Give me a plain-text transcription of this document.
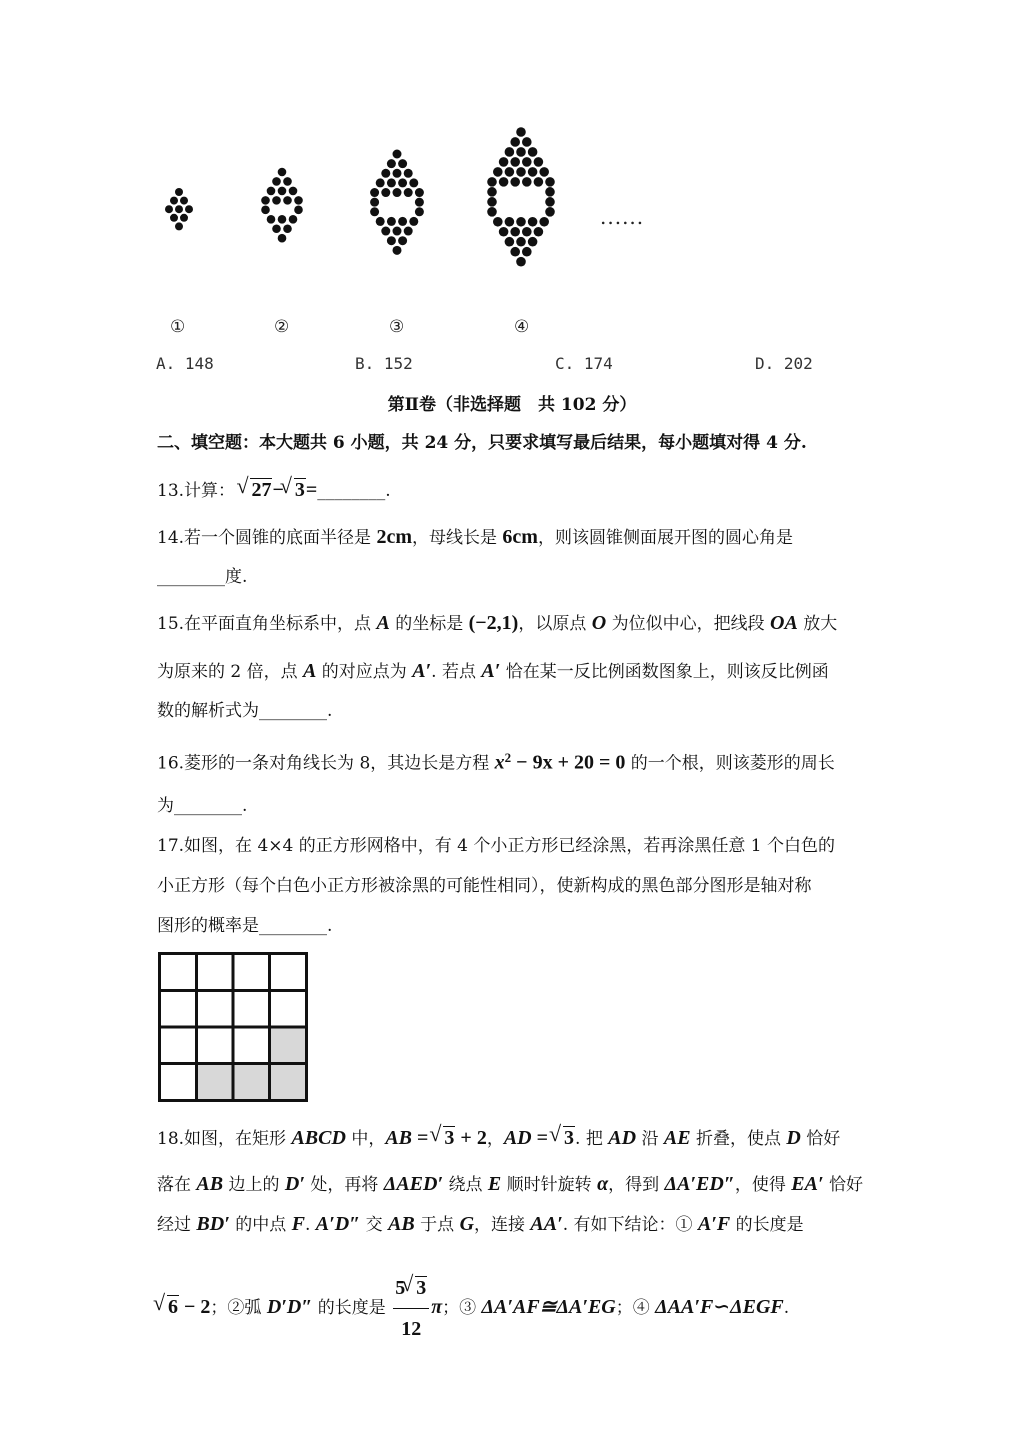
......
①	②	③	④
A. 148	B. 152	C. 174	D. 202
第Ⅱ卷（非选择题　共 102 分）
二、填空题：本大题共 6 小题，共 24 分，只要求填写最后结果，每小题填对得 4 分.
13.计算： √ 27− √ 3=________.
14.若一个圆锥的底面半径是 2cm，母线长是 6cm，则该圆锥侧面展开图的圆心角是
________度.
15.在平面直角坐标系中，点 A 的坐标是 (−2,1)，以原点 O 为位似中心，把线段 OA 放大
为原来的 2 倍，点 A 的对应点为 A′. 若点 A′ 恰在某一反比例函数图象上，则该反比例函
数的解析式为________.
16.菱形的一条对角线长为 8，其边长是方程 $x^2 - 9x + 20 = 0$ 的一个根，则该菱形的周长
为________.
17.如图，在 4×4 的正方形网格中，有 4 个小正方形已经涂黑，若再涂黑任意 1 个白色的
小正方形（每个白色小正方形被涂黑的可能性相同），使新构成的黑色部分图形是轴对称
图形的概率是________.
18.如图，在矩形 ABCD 中，AB = √ 3 + 2，AD = √ 3. 把 AD 沿 AE 折叠，使点 D 恰好
落在 AB 边上的 D′ 处，再将 ΔAED′ 绕点 E 顺时针旋转 α，得到 ΔA′ED″，使得 EA′ 恰好
经过 BD′ 的中点 F. A′D″ 交 AB 于点 G，连接 AA′. 有如下结论：① A′F 的长度是
√ 6 − 2；②弧 D′D″ 的长度是 $\frac{5 √ 3}{12}$ π；③ ΔA′AF≅ΔA′EG；④ ΔAA′F∽ΔEGF.
